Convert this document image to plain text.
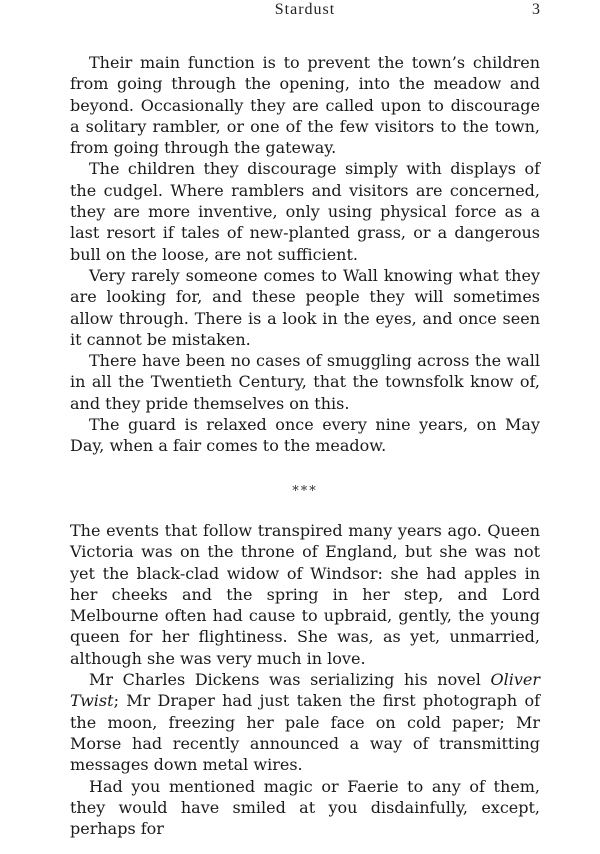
Stardust	3

Their main function is to prevent the town’s children from going through the opening, into the meadow and beyond. Occasionally they are called upon to discourage a solitary rambler, or one of the few visitors to the town, from going through the gateway.

The children they discourage simply with displays of the cudgel. Where ramblers and visitors are concerned, they are more inventive, only using physical force as a last resort if tales of new-planted grass, or a dangerous bull on the loose, are not sufficient.

Very rarely someone comes to Wall knowing what they are looking for, and these people they will sometimes allow through. There is a look in the eyes, and once seen it cannot be mistaken.

There have been no cases of smuggling across the wall in all the Twentieth Century, that the townsfolk know of, and they pride themselves on this.

The guard is relaxed once every nine years, on May Day, when a fair comes to the meadow.

***

The events that follow transpired many years ago. Queen Victoria was on the throne of England, but she was not yet the black-clad widow of Windsor: she had apples in her cheeks and the spring in her step, and Lord Melbourne often had cause to upbraid, gently, the young queen for her flightiness. She was, as yet, unmarried, although she was very much in love.

Mr Charles Dickens was serializing his novel Oliver Twist; Mr Draper had just taken the first photograph of the moon, freezing her pale face on cold paper; Mr Morse had recently announced a way of transmitting messages down metal wires.

Had you mentioned magic or Faerie to any of them, they would have smiled at you disdainfully, except, perhaps for
